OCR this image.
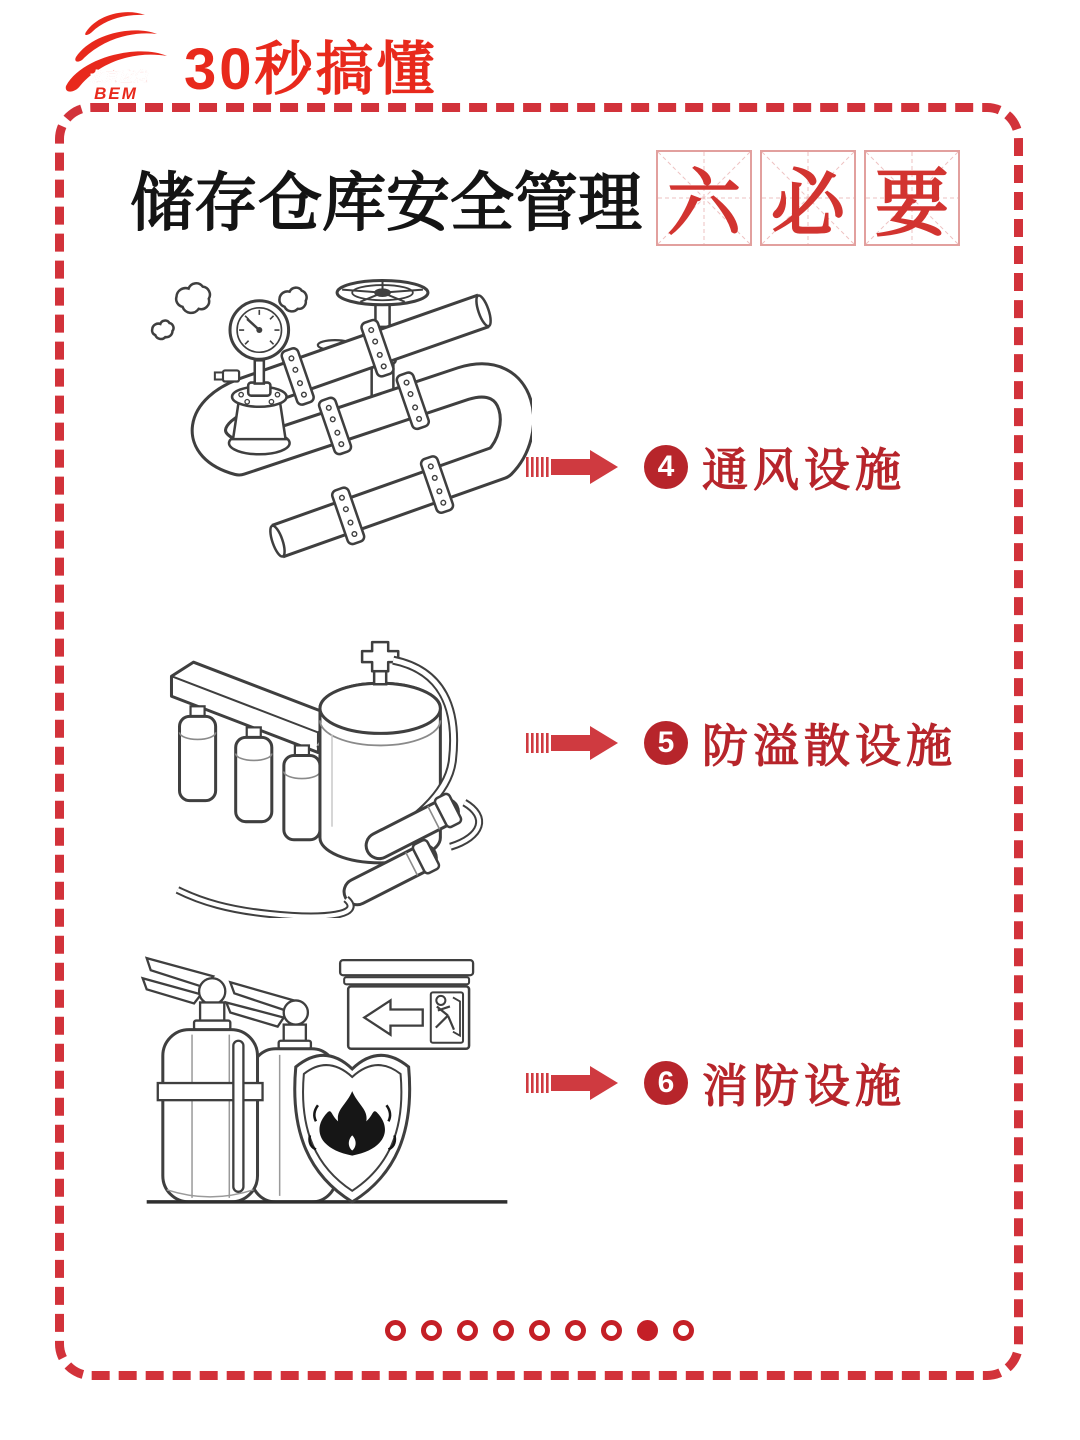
北京应急
BEM 30秒搞懂
储存仓库安全管理 六 必 要
4 通风设施
5 防溢散设施
6 消防设施
